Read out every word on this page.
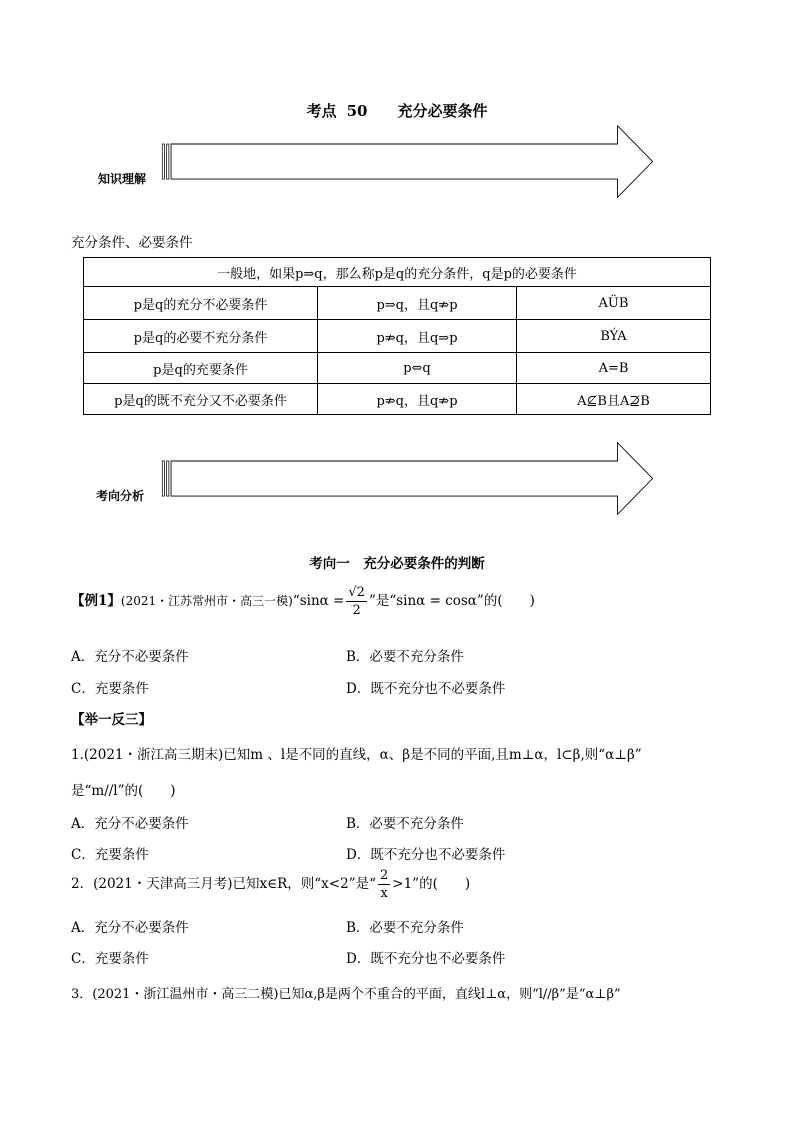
考点 50 充分必要条件
知识理解
充分条件、必要条件
一般地，如果p⇒q，那么称p是q的充分条件，q是p的必要条件		
p是q的充分不必要条件	p⇒q，且q⇏p	AÜB
p是q的必要不充分条件	p⇏q，且q⇒p	BÝA
p是q的充要条件	p⇔q	A=B
p是q的既不充分又不必要条件	p⇏q，且q⇏p	A⊈B且A⊉B
考向分析
考向一　充分必要条件的判断
【例1】(2021・江苏常州市・高三一模)“sinα = $\frac{√2}{2}$ ”是“sinα = cosα”的(　　)
A．充分不必要条件	B．必要不充分条件
C．充要条件	D．既不充分也不必要条件
【举一反三】
1.(2021・浙江高三期末)已知m 、l是不同的直线，α、β是不同的平面,且m⊥α，l⊂β,则“α⊥β”
是“m//l”的(　　)
A．充分不必要条件	B．必要不充分条件
C．充要条件	D．既不充分也不必要条件
2．(2021・天津高三月考)已知x∈R，则“x<2”是“ $\frac{2}{x} >1$”的(　　)
A．充分不必要条件	B．必要不充分条件
C．充要条件	D．既不充分也不必要条件
3．(2021・浙江温州市・高三二模)已知α,β是两个不重合的平面，直线l⊥α，则“l//β”是“α⊥β”
